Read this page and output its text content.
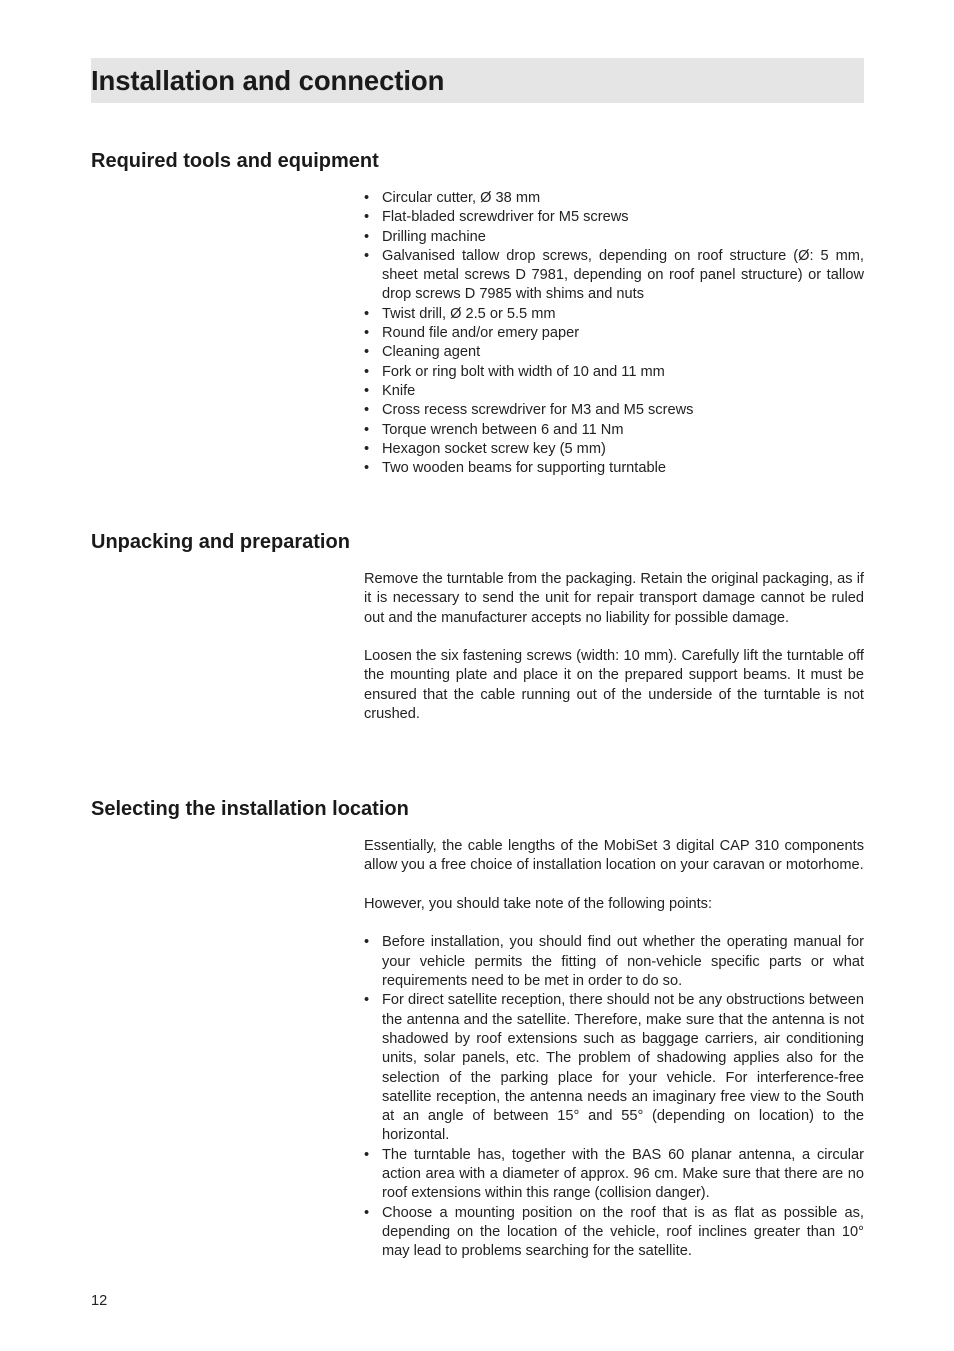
Installation and connection
Required tools and equipment
• Circular cutter, Ø 38 mm
• Flat-bladed screwdriver for M5 screws
• Drilling machine
• Galvanised tallow drop screws, depending on roof structure (Ø: 5 mm, sheet metal screws D 7981, depending on roof panel structure) or tallow drop screws D 7985 with shims and nuts
• Twist drill, Ø 2.5 or 5.5 mm
• Round file and/or emery paper
• Cleaning agent
• Fork or ring bolt with width of 10 and 11 mm
• Knife
• Cross recess screwdriver for M3 and M5 screws
• Torque wrench between 6 and 11 Nm
• Hexagon socket screw key (5 mm)
• Two wooden beams for supporting turntable
Unpacking and preparation

Remove the turntable from the packaging. Retain the original packaging, as if it is necessary to send the unit for repair transport damage cannot be ruled out and the manufacturer accepts no liability for possible damage.

Loosen the six fastening screws (width: 10 mm). Carefully lift the turntable off the mounting plate and place it on the prepared support beams. It must be ensured that the cable running out of the underside of the turntable is not crushed.

Selecting the installation location

Essentially, the cable lengths of the MobiSet 3 digital CAP 310 components allow you a free choice of installation location on your caravan or motorhome.

However, you should take note of the following points:

• Before installation, you should find out whether the operating manual for your vehicle permits the fitting of non-vehicle specific parts or what requirements need to be met in order to do so.
• For direct satellite reception, there should not be any obstructions between the antenna and the satellite. Therefore, make sure that the antenna is not shadowed by roof extensions such as baggage carriers, air conditioning units, solar panels, etc. The problem of shadowing applies also for the selection of the parking place for your vehicle. For interference-free satellite reception, the antenna needs an imaginary free view to the South at an angle of between 15° and 55° (depending on location) to the horizontal.
• The turntable has, together with the BAS 60 planar antenna, a circular action area with a diameter of approx. 96 cm. Make sure that there are no roof extensions within this range (collision danger).
• Choose a mounting position on the roof that is as flat as possible as, depending on the location of the vehicle, roof inclines greater than 10° may lead to problems searching for the satellite.
12
